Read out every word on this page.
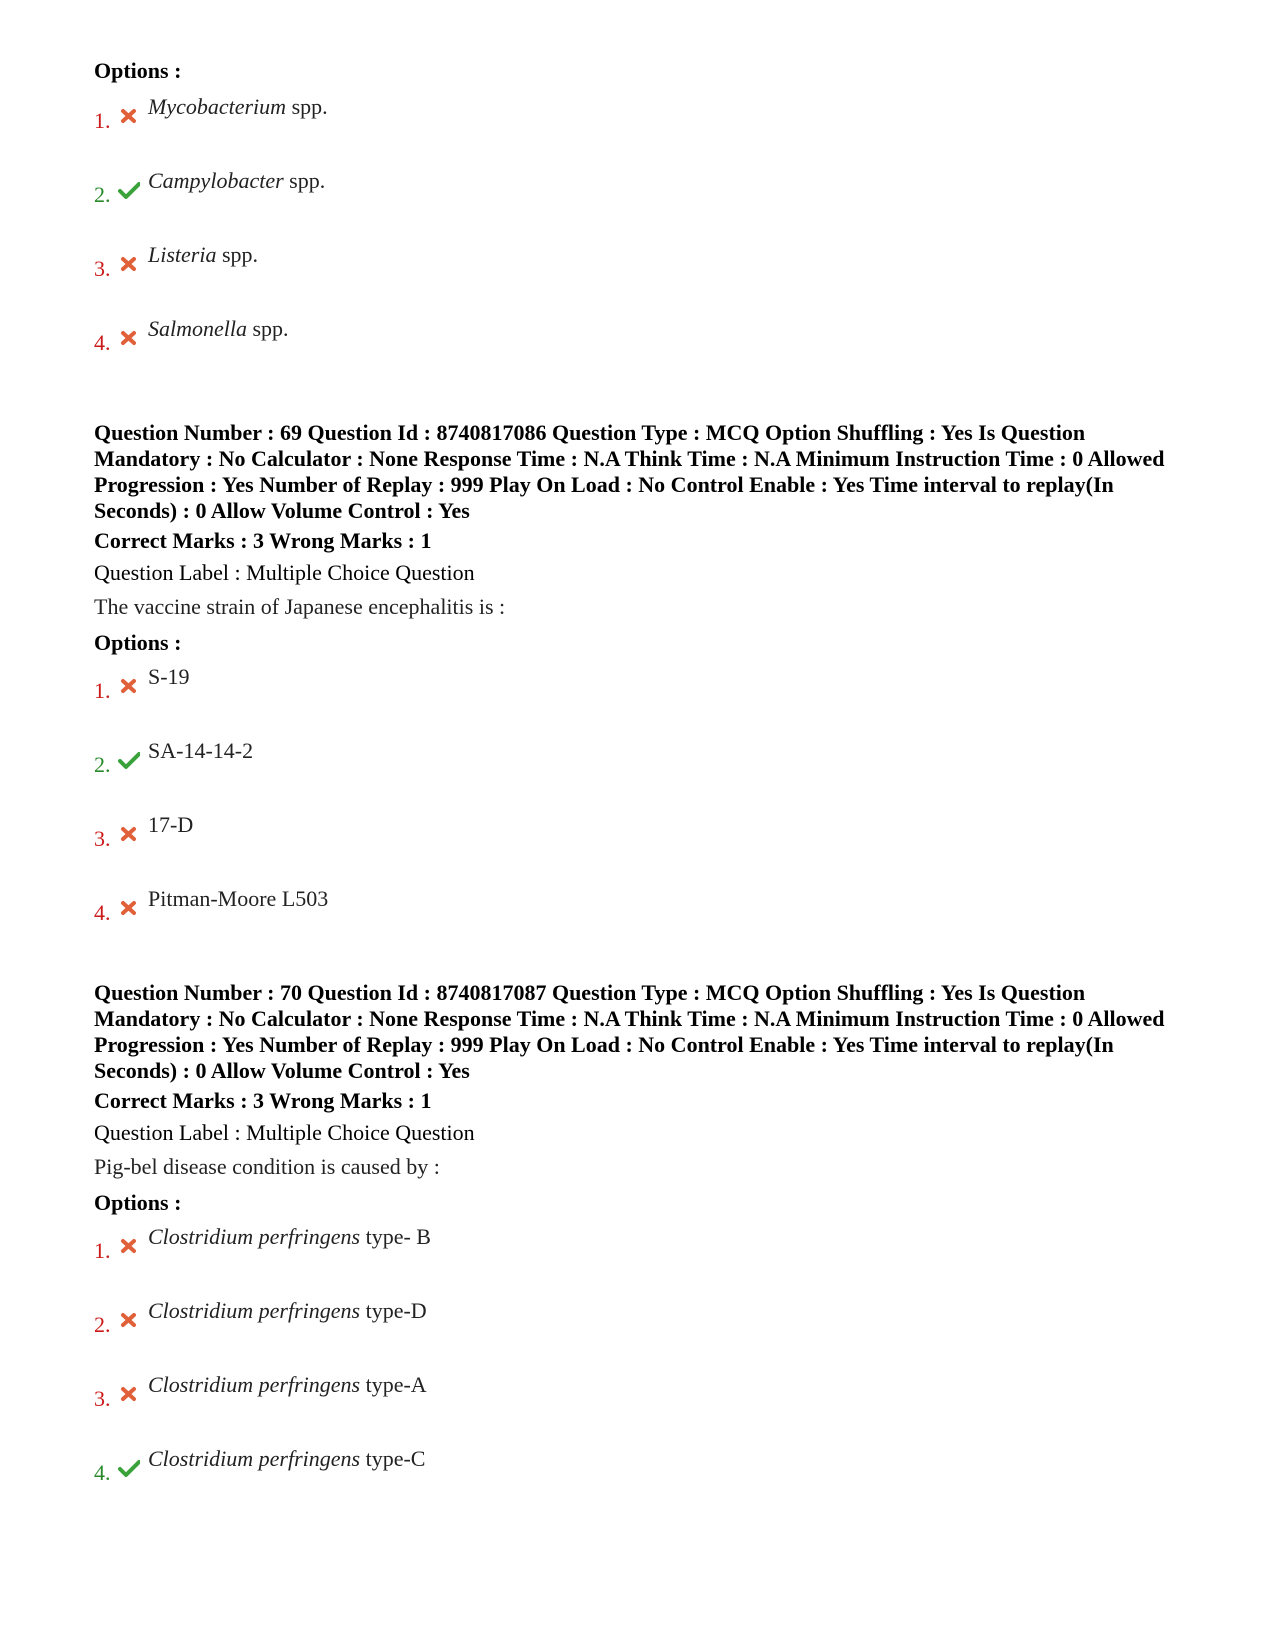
Options :

1.
Mycobacterium spp.
2.
Campylobacter spp.
3.
Listeria spp.
4.
Salmonella spp.

Question Number : 69 Question Id : 8740817086 Question Type : MCQ Option Shuffling : Yes Is Question Mandatory : No Calculator : None Response Time : N.A Think Time : N.A Minimum Instruction Time : 0 Allowed Progression : Yes Number of Replay : 999 Play On Load : No Control Enable : Yes Time interval to replay(In Seconds) : 0 Allow Volume Control : Yes

Correct Marks : 3 Wrong Marks : 1

Question Label : Multiple Choice Question

The vaccine strain of Japanese encephalitis is :

Options :

1.
S-19
2.
SA-14-14-2
3.
17-D
4.
Pitman-Moore L503

Question Number : 70 Question Id : 8740817087 Question Type : MCQ Option Shuffling : Yes Is Question Mandatory : No Calculator : None Response Time : N.A Think Time : N.A Minimum Instruction Time : 0 Allowed Progression : Yes Number of Replay : 999 Play On Load : No Control Enable : Yes Time interval to replay(In Seconds) : 0 Allow Volume Control : Yes

Correct Marks : 3 Wrong Marks : 1

Question Label : Multiple Choice Question

Pig-bel disease condition is caused by :

Options :

1.
Clostridium perfringens type- B
2.
Clostridium perfringens type-D
3.
Clostridium perfringens type-A
4.
Clostridium perfringens type-C
